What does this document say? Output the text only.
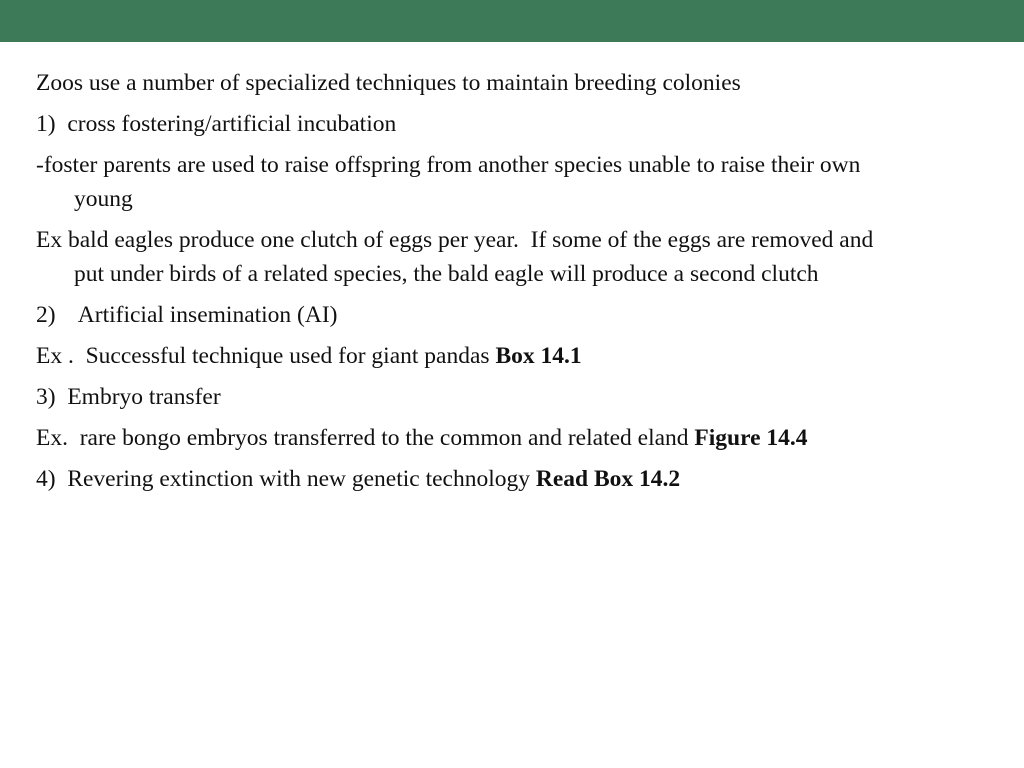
Zoos use a number of specialized techniques to maintain breeding colonies

1)  cross fostering/artificial incubation

-foster parents are used to raise offspring from another species unable to raise their own young

Ex bald eagles produce one clutch of eggs per year.  If some of the eggs are removed and put under birds of a related species, the bald eagle will produce a second clutch

2)    Artificial insemination (AI)

Ex .  Successful technique used for giant pandas Box 14.1

3)  Embryo transfer

Ex.  rare bongo embryos transferred to the common and related eland Figure 14.4

4)  Revering extinction with new genetic technology Read Box 14.2
